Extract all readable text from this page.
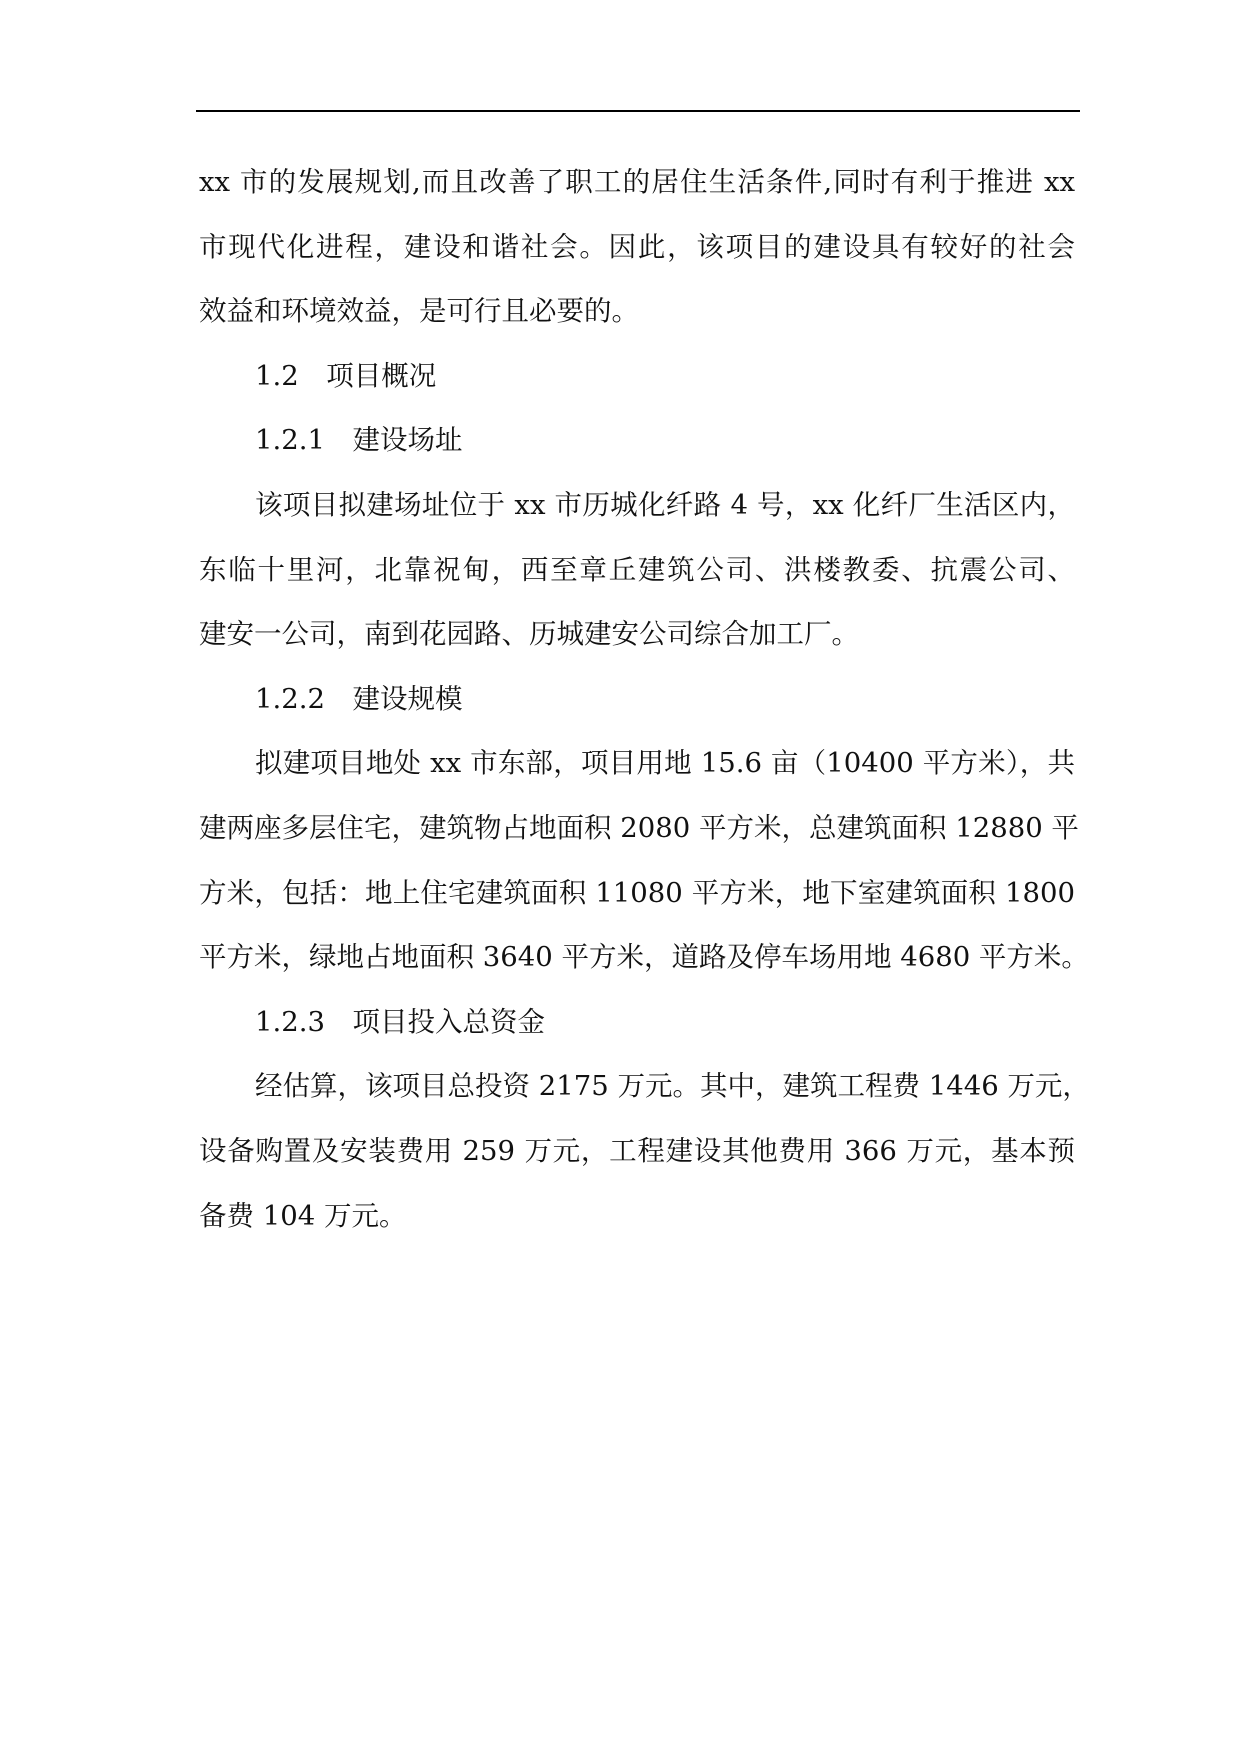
xx 市的发展规划,而且改善了职工的居住生活条件,同时有利于推进 xx
市现代化进程，建设和谐社会。因此，该项目的建设具有较好的社会
效益和环境效益，是可行且必要的。
1.2　项目概况
1.2.1　建设场址
该项目拟建场址位于 xx 市历城化纤路 4 号，xx 化纤厂生活区内，
东临十里河，北靠祝甸，西至章丘建筑公司、洪楼教委、抗震公司、
建安一公司，南到花园路、历城建安公司综合加工厂。
1.2.2　建设规模
拟建项目地处 xx 市东部，项目用地 15.6 亩（10400 平方米），共
建两座多层住宅，建筑物占地面积 2080 平方米，总建筑面积 12880 平
方米，包括：地上住宅建筑面积 11080 平方米，地下室建筑面积 1800
平方米，绿地占地面积 3640 平方米，道路及停车场用地 4680 平方米。
1.2.3　项目投入总资金
经估算，该项目总投资 2175 万元。其中，建筑工程费 1446 万元，
设备购置及安装费用 259 万元，工程建设其他费用 366 万元，基本预
备费 104 万元。
